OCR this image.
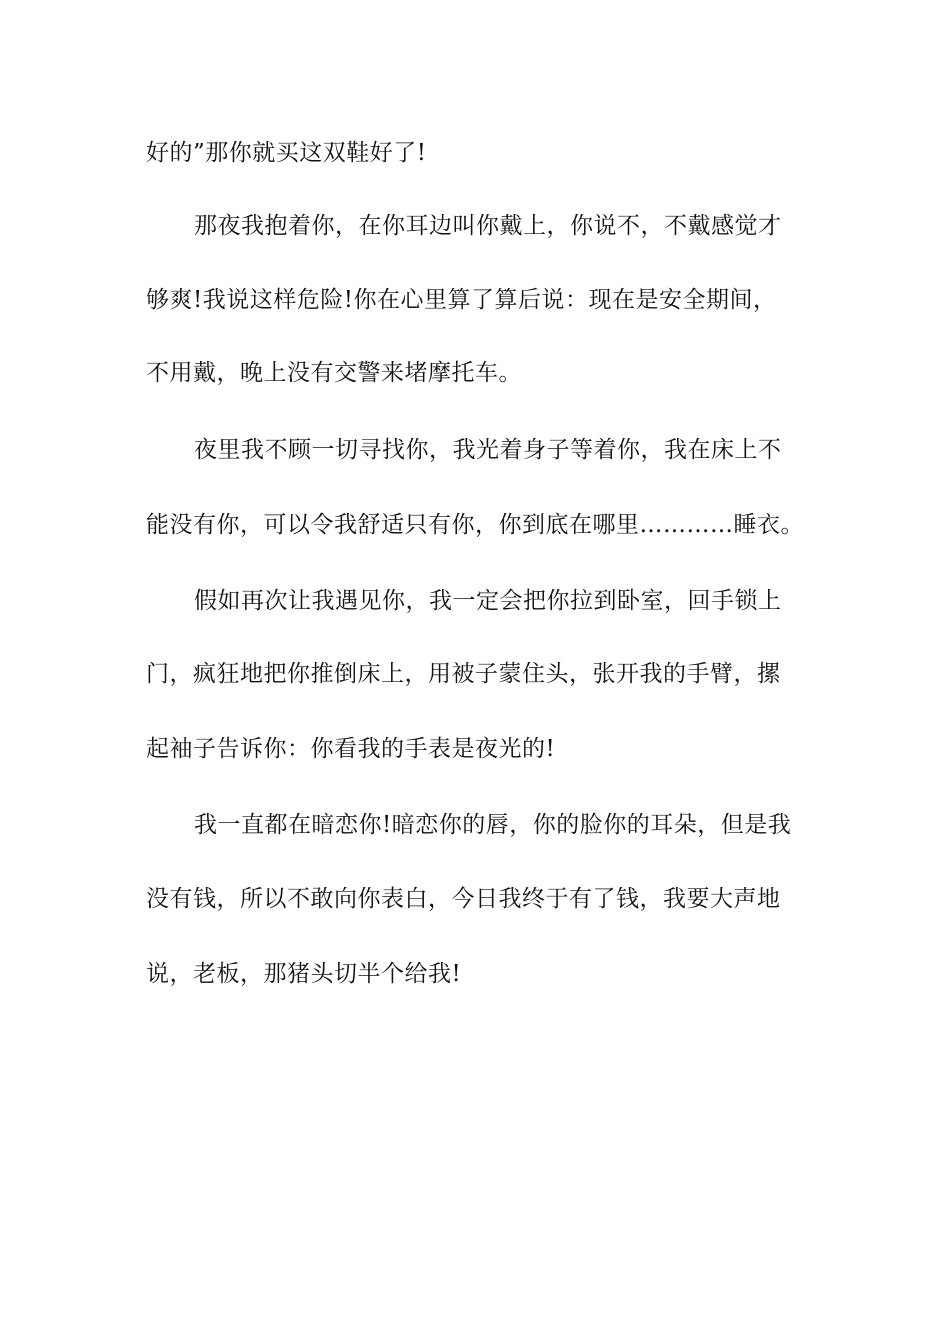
好的”那你就买这双鞋好了!
那夜我抱着你，在你耳边叫你戴上，你说不，不戴感觉才
够爽!我说这样危险!你在心里算了算后说：现在是安全期间，
不用戴，晚上没有交警来堵摩托车。
夜里我不顾一切寻找你，我光着身子等着你，我在床上不
能没有你，可以令我舒适只有你，你到底在哪里…………睡衣。
假如再次让我遇见你，我一定会把你拉到卧室，回手锁上
门，疯狂地把你推倒床上，用被子蒙住头，张开我的手臂，摞
起袖子告诉你：你看我的手表是夜光的!
我一直都在暗恋你!暗恋你的唇，你的脸你的耳朵，但是我
没有钱，所以不敢向你表白，今日我终于有了钱，我要大声地
说，老板，那猪头切半个给我!
